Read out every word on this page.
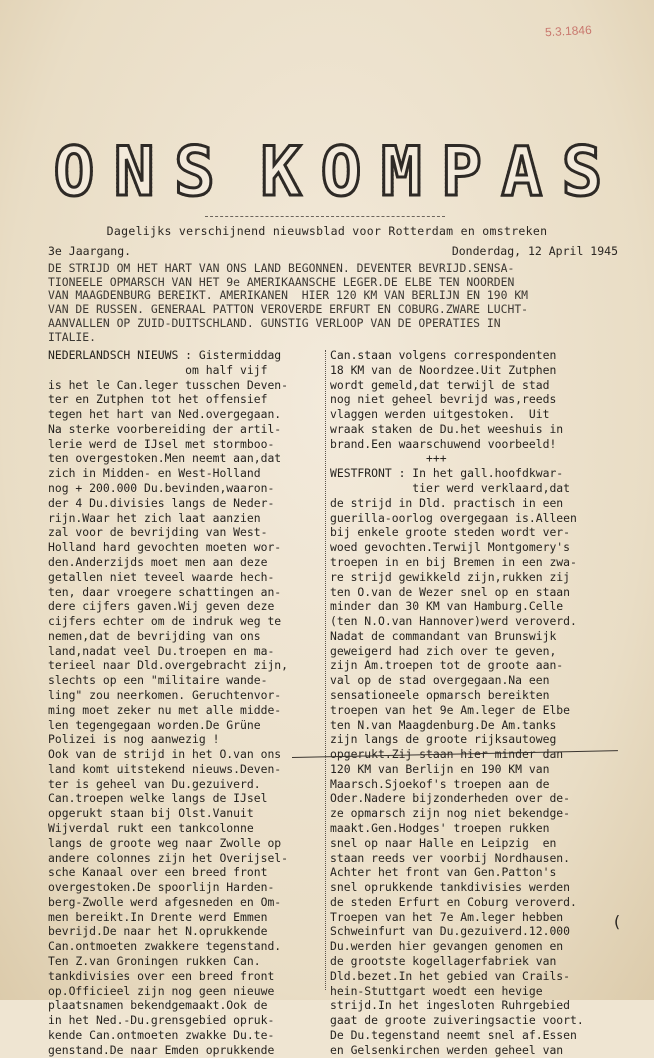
5.3.1846
O N S K O M P A S
Dagelijks verschijnend nieuwsblad voor Rotterdam en omstreken
3e Jaargang.	Donderdag, 12 April 1945
DE STRIJD OM HET HART VAN ONS LAND BEGONNEN. DEVENTER BEVRIJD.SENSA-
TIONEELE OPMARSCH VAN HET 9e AMERIKAANSCHE LEGER.DE ELBE TEN NOORDEN
VAN MAAGDENBURG BEREIKT. AMERIKANEN  HIER 120 KM VAN BERLIJN EN 190 KM
VAN DE RUSSEN. GENERAAL PATTON VEROVERDE ERFURT EN COBURG.ZWARE LUCHT-
AANVALLEN OP ZUID-DUITSCHLAND. GUNSTIG VERLOOP VAN DE OPERATIES IN
ITALIE.
NEDERLANDSCH NIEUWS : Gistermiddag
om half vijf
is het le Can.leger tusschen Deven-
ter en Zutphen tot het offensief
tegen het hart van Ned.overgegaan.
Na sterke voorbereiding der artil-
lerie werd de IJsel met stormboo-
ten overgestoken.Men neemt aan,dat
zich in Midden- en West-Holland
nog + 200.000 Du.bevinden,waaron-
der 4 Du.divisies langs de Neder-
rijn.Waar het zich laat aanzien
zal voor de bevrijding van West-
Holland hard gevochten moeten wor-
den.Anderzijds moet men aan deze
getallen niet teveel waarde hech-
ten, daar vroegere schattingen an-
dere cijfers gaven.Wij geven deze
cijfers echter om de indruk weg te
nemen,dat de bevrijding van ons
land,nadat veel Du.troepen en ma-
terieel naar Dld.overgebracht zijn,
slechts op een "militaire wande-
ling" zou neerkomen. Geruchtenvor-
ming moet zeker nu met alle midde-
len tegengegaan worden.De Grüne
Polizei is nog aanwezig !
Ook van de strijd in het O.van ons
land komt uitstekend nieuws.Deven-
ter is geheel van Du.gezuiverd.
Can.troepen welke langs de IJsel
opgerukt staan bij Olst.Vanuit
Wijverdal rukt een tankcolonne
langs de groote weg naar Zwolle op
andere colonnes zijn het Overijsel-
sche Kanaal over een breed front
overgestoken.De spoorlijn Harden-
berg-Zwolle werd afgesneden en Om-
men bereikt.In Drente werd Emmen
bevrijd.De naar het N.oprukkende
Can.ontmoeten zwakkere tegenstand.
Ten Z.van Groningen rukken Can.
tankdivisies over een breed front
op.Officieel zijn nog geen nieuwe
plaatsnamen bekendgemaakt.Ook de
in het Ned.-Du.grensgebied opruk-
kende Can.ontmoeten zwakke Du.te-
genstand.De naar Emden oprukkende
Can.staan volgens correspondenten
18 KM van de Noordzee.Uit Zutphen
wordt gemeld,dat terwijl de stad
nog niet geheel bevrijd was,reeds
vlaggen werden uitgestoken.  Uit
wraak staken de Du.het weeshuis in
brand.Een waarschuwend voorbeeld!
+++
WESTFRONT : In het gall.hoofdkwar-
tier werd verklaard,dat
de strijd in Dld. practisch in een
guerilla-oorlog overgegaan is.Alleen
bij enkele groote steden wordt ver-
woed gevochten.Terwijl Montgomery's
troepen in en bij Bremen in een zwa-
re strijd gewikkeld zijn,rukken zij
ten O.van de Wezer snel op en staan
minder dan 30 KM van Hamburg.Celle
(ten N.O.van Hannover)werd veroverd.
Nadat de commandant van Brunswijk
geweigerd had zich over te geven,
zijn Am.troepen tot de groote aan-
val op de stad overgegaan.Na een
sensationeele opmarsch bereikten
troepen van het 9e Am.leger de Elbe
ten N.van Maagdenburg.De Am.tanks
zijn langs de groote rijksautoweg
opgerukt.Zij staan hier minder dan
120 KM van Berlijn en 190 KM van
Maarsch.Sjoekof's troepen aan de
Oder.Nadere bijzonderheden over de-
ze opmarsch zijn nog niet bekendge-
maakt.Gen.Hodges' troepen rukken
snel op naar Halle en Leipzig  en
staan reeds ver voorbij Nordhausen.
Achter het front van Gen.Patton's
snel oprukkende tankdivisies werden
de steden Erfurt en Coburg veroverd.
Troepen van het 7e Am.leger hebben
Schweinfurt van Du.gezuiverd.12.000
Du.werden hier gevangen genomen en
de grootste kogellagerfabriek van
Dld.bezet.In het gebied van Crails-
hein-Stuttgart woedt een hevige
strijd.In het ingesloten Ruhrgebied
gaat de groote zuiveringsactie voort.
De Du.tegenstand neemt snel af.Essen
en Gelsenkirchen werden geheel van
(
